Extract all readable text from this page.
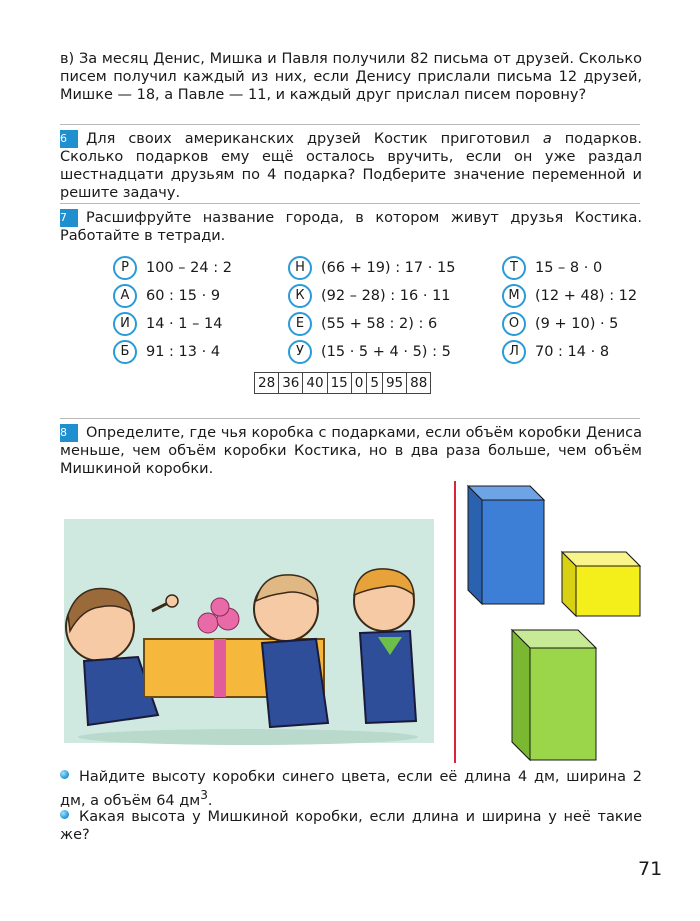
в) За месяц Денис, Мишка и Павля получили 82 письма от друзей. Сколько писем получил каждый из них, если Денису прислали письма 12 друзей, Мишке — 18, а Павле — 11, и каждый друг прислал писем поровну?

6 Для своих американских друзей Костик приготовил a подарков. Сколько подарков ему ещё осталось вручить, если он уже раздал шестнадцати друзьям по 4 подарка? Подберите значение переменной и решите задачу.

7 Расшифруйте название города, в котором живут друзья Костика. Работайте в тетради.

Р	100 – 24 : 2
А	60 : 15 · 9
И	14 · 1 – 14
Б	91 : 13 · 4
Н	(66 + 19) : 17 · 15
К	(92 – 28) : 16 · 11
Е	(55 + 58 : 2) : 6
У	(15 · 5 + 4 · 5) : 5
Т	15 – 8 · 0
М	(12 + 48) : 12
О	(9 + 10) · 5
Л	70 : 14 · 8
28	36	40	15	0	5	95	88

8 Определите, где чья коробка с подарками, если объём коробки Дениса меньше, чем объём коробки Костика, но в два раза больше, чем объём Мишкиной коробки.

Найдите высоту коробки синего цвета, если её длина 4 дм, ширина 2 дм, а объём 64 $дм^3$.

Какая высота у Мишкиной коробки, если длина и ширина у неё такие же?

71
